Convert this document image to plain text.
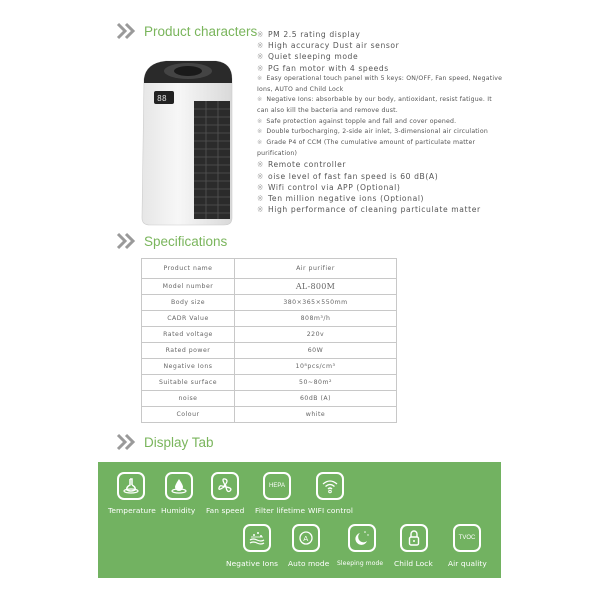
Product characters
88
※ PM 2.5 rating display
※ High accuracy Dust air sensor
※ Quiet sleeping mode
※ PG fan motor with 4 speeds
※ Easy operational touch panel with 5 keys: ON/OFF, Fan speed, Negative Ions, AUTO and Child Lock
※ Negative Ions: absorbable by our body, antioxidant, resist fatigue. It can also kill the bacteria and remove dust.
※ Safe protection against topple and fall and cover opened.
※ Double turbocharging, 2-side air inlet, 3-dimensional air circulation
※ Grade P4 of CCM (The cumulative amount of particulate matter purification)
※ Remote controller
※ oise level of fast fan speed is 60 dB(A)
※ Wifi control via APP (Optional)
※ Ten million negative ions (Optional)
※ High performance of cleaning particulate matter
Specifications
Product name	Air purifier
Model number	AL-800M
Body size	380×365×550mm
CADR Value	808m³/h
Rated voltage	220v
Rated power	60W
Negative Ions	10⁸pcs/cm³
Suitable surface	50~80m²
noise	60dB (A)
Colour	white
Display Tab
HEPA
Temperature Humidity Fan speed Filter lifetime WIFI control
A	TVOC
Negative Ions Auto mode Sleeping mode Child Lock Air quality
